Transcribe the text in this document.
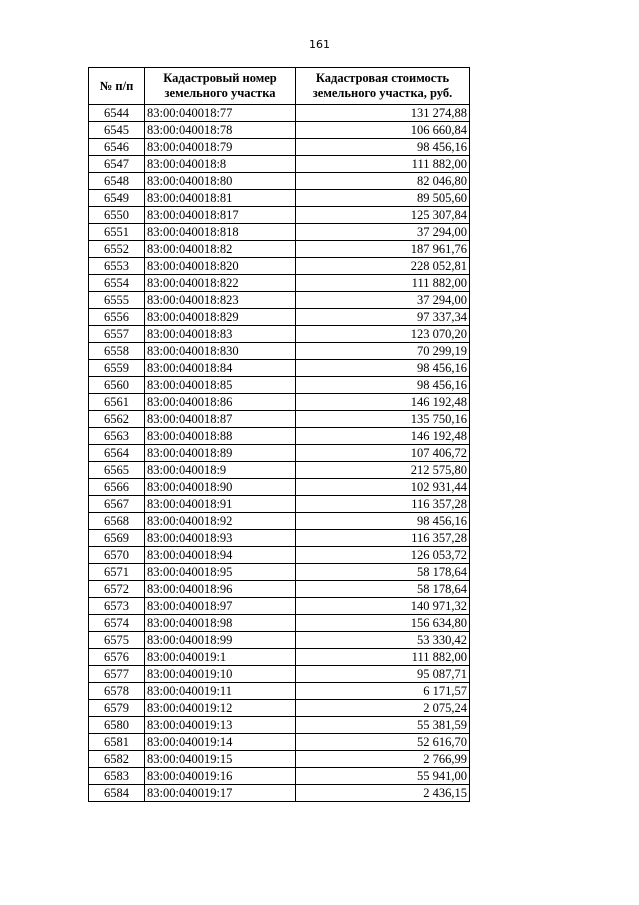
161
№ п/п	Кадастровый номер земельного участка	Кадастровая стоимость земельного участка, руб.
6544	83:00:040018:77	131 274,88
6545	83:00:040018:78	106 660,84
6546	83:00:040018:79	98 456,16
6547	83:00:040018:8	111 882,00
6548	83:00:040018:80	82 046,80
6549	83:00:040018:81	89 505,60
6550	83:00:040018:817	125 307,84
6551	83:00:040018:818	37 294,00
6552	83:00:040018:82	187 961,76
6553	83:00:040018:820	228 052,81
6554	83:00:040018:822	111 882,00
6555	83:00:040018:823	37 294,00
6556	83:00:040018:829	97 337,34
6557	83:00:040018:83	123 070,20
6558	83:00:040018:830	70 299,19
6559	83:00:040018:84	98 456,16
6560	83:00:040018:85	98 456,16
6561	83:00:040018:86	146 192,48
6562	83:00:040018:87	135 750,16
6563	83:00:040018:88	146 192,48
6564	83:00:040018:89	107 406,72
6565	83:00:040018:9	212 575,80
6566	83:00:040018:90	102 931,44
6567	83:00:040018:91	116 357,28
6568	83:00:040018:92	98 456,16
6569	83:00:040018:93	116 357,28
6570	83:00:040018:94	126 053,72
6571	83:00:040018:95	58 178,64
6572	83:00:040018:96	58 178,64
6573	83:00:040018:97	140 971,32
6574	83:00:040018:98	156 634,80
6575	83:00:040018:99	53 330,42
6576	83:00:040019:1	111 882,00
6577	83:00:040019:10	95 087,71
6578	83:00:040019:11	6 171,57
6579	83:00:040019:12	2 075,24
6580	83:00:040019:13	55 381,59
6581	83:00:040019:14	52 616,70
6582	83:00:040019:15	2 766,99
6583	83:00:040019:16	55 941,00
6584	83:00:040019:17	2 436,15
